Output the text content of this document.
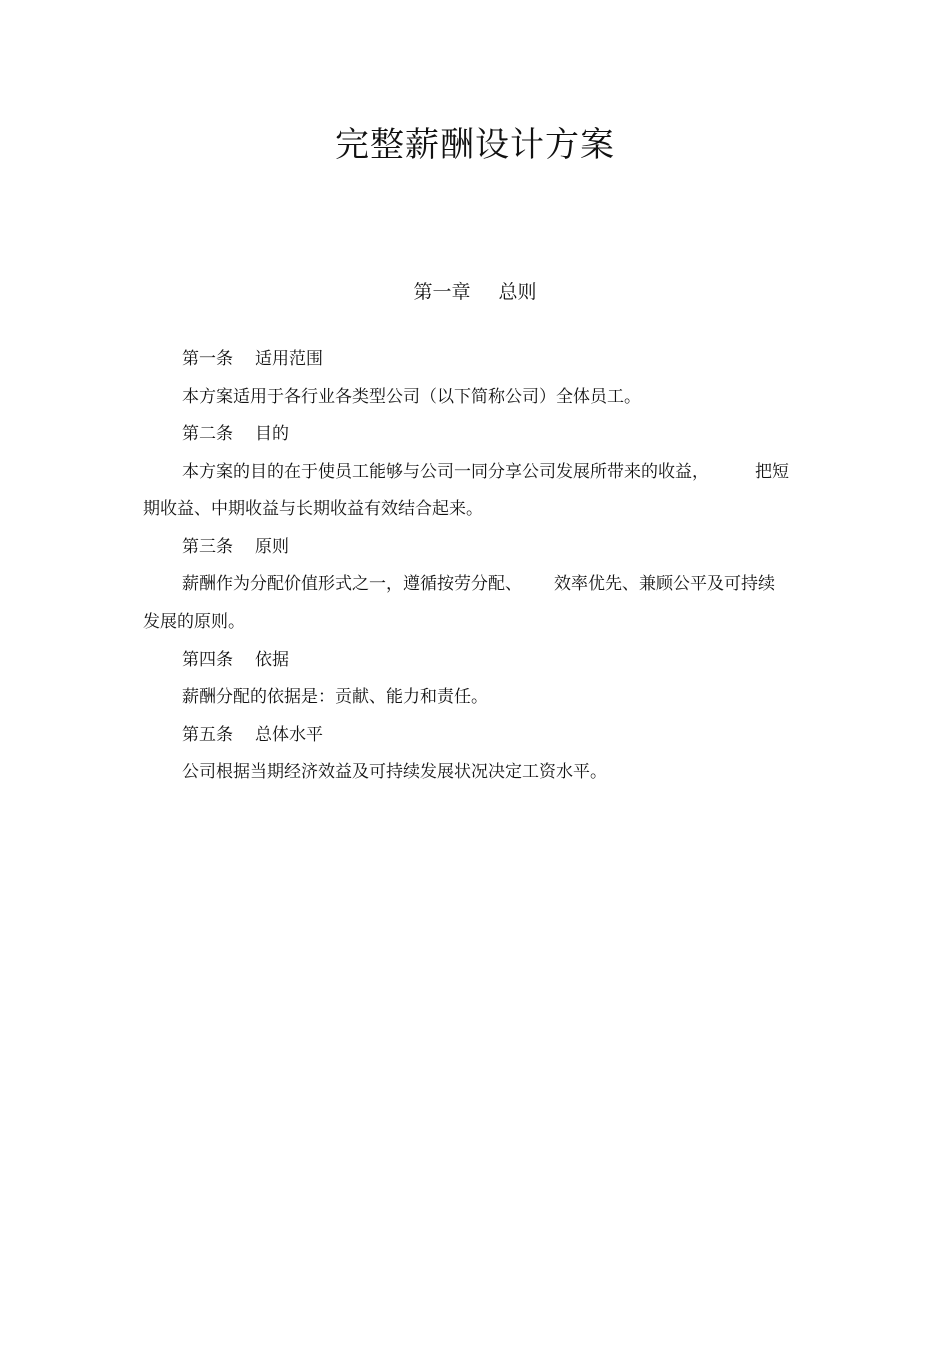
完整薪酬设计方案
第一章 总则

第一条 适用范围

本方案适用于各行业各类型公司（以下简称公司）全体员工。

第二条 目的

本方案的目的在于使员工能够与公司一同分享公司发展所带来的收益，	把短

期收益、中期收益与长期收益有效结合起来。

第三条 原则

薪酬作为分配价值形式之一，遵循按劳分配、 效率优先、兼顾公平及可持续

发展的原则。

第四条 依据

薪酬分配的依据是：贡献、能力和责任。

第五条 总体水平

公司根据当期经济效益及可持续发展状况决定工资水平。
